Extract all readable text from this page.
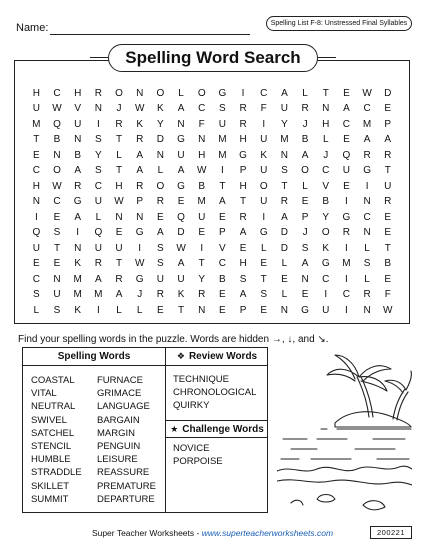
Name:	Spelling List F-8: Unstressed Final Syllables
Spelling Word Search
H	C	H	R	O	N	O	L	O	G	I	C	A	L	T	E	W	D
U	W	V	N	J	W	K	A	C	S	R	F	U	R	N	A	C	E
M	Q	U	I	R	K	Y	N	F	U	R	I	Y	J	H	C	M	P
T	B	N	S	T	R	D	G	N	M	H	U	M	B	L	E	A	A
E	N	B	Y	L	A	N	U	H	M	G	K	N	A	J	Q	R	R
C	O	A	S	T	A	L	A	W	I	P	U	S	O	C	U	G	T
H	W	R	C	H	R	O	G	B	T	H	O	T	L	V	E	I	U
N	C	G	U	W	P	R	E	M	A	T	U	R	E	B	I	N	R
I	E	A	L	N	N	E	Q	U	E	R	I	A	P	Y	G	C	E
Q	S	I	Q	E	G	A	D	E	P	A	G	D	J	O	R	N	E
U	T	N	U	U	I	S	W	I	V	E	L	D	S	K	I	L	T
E	E	K	R	T	W	S	A	T	C	H	E	L	A	G	M	S	B
C	N	M	A	R	G	U	U	Y	B	S	T	E	N	C	I	L	E
S	U	M	M	A	J	R	K	R	E	A	S	L	E	I	C	R	F
L	S	K	I	L	L	E	T	N	E	P	E	N	G	U	I	N	W
Find your spelling words in the puzzle. Words are hidden →, ↓, and ↘.
Spelling Words	❖ Review Words
★ Challenge Words
COASTAL
VITAL
NEUTRAL
SWIVEL
SATCHEL
STENCIL
HUMBLE
STRADDLE
SKILLET
SUMMIT
FURNACE
GRIMACE
LANGUAGE
BARGAIN
MARGIN
PENGUIN
LEISURE
REASSURE
PREMATURE
DEPARTURE
TECHNIQUE
CHRONOLOGICAL
QUIRKY
NOVICE
PORPOISE
Super Teacher Worksheets - www.superteacherworksheets.com	200221
